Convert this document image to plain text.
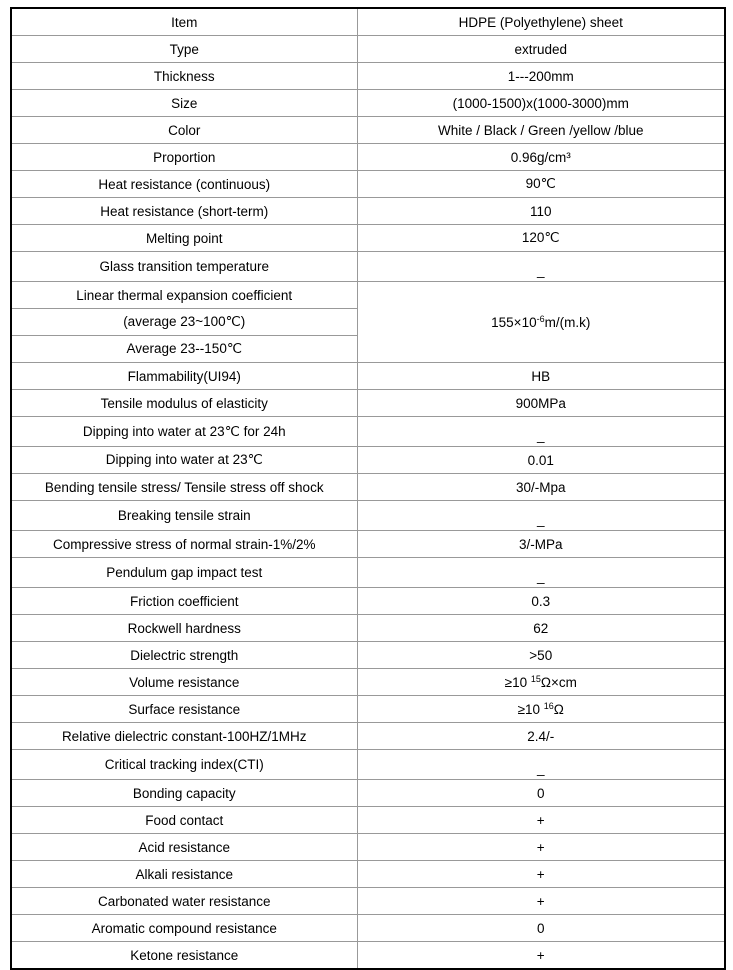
Item	HDPE (Polyethylene) sheet
Type	extruded
Thickness	1---200mm
Size	(1000-1500)x(1000-3000)mm
Color	White / Black / Green /yellow /blue
Proportion	0.96g/cm³
Heat resistance (continuous)	90℃
Heat resistance (short-term)	110
Melting point	120℃
Glass transition temperature	_
Linear thermal expansion coefficient	$155\times 10^{-6}m/(m.k)$
(average 23~100℃)	
Average 23--150℃	
Flammability(UI94)	HB
Tensile modulus of elasticity	900MPa
Dipping into water at 23℃ for 24h	_
Dipping into water at 23℃	0.01
Bending tensile stress/ Tensile stress off shock	30/-Mpa
Breaking tensile strain	_
Compressive stress of normal strain-1%/2%	3/-MPa
Pendulum gap impact test	_
Friction coefficient	0.3
Rockwell hardness	62
Dielectric strength	>50
Volume resistance	≥10 $^{15}$Ω×cm
Surface resistance	≥10 $^{16}$Ω
Relative dielectric constant-100HZ/1MHz	2.4/-
Critical tracking index(CTI)	_
Bonding capacity	0
Food contact	+
Acid resistance	+
Alkali resistance	+
Carbonated water resistance	+
Aromatic compound resistance	0
Ketone resistance	+
